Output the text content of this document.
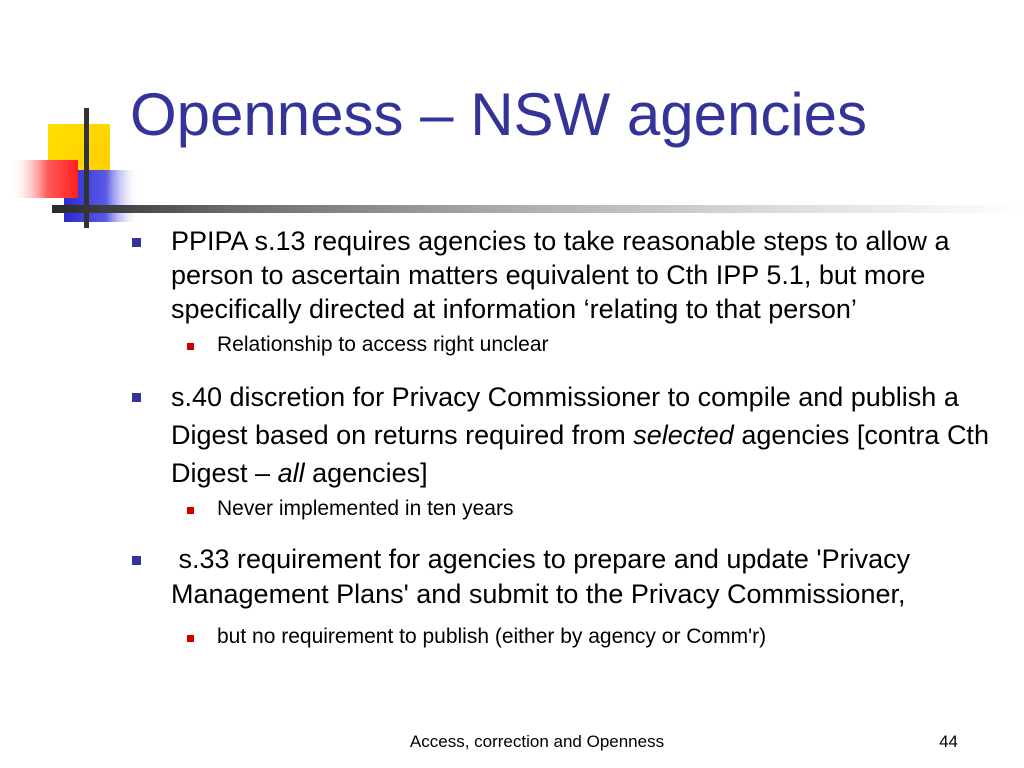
Openness – NSW agencies
PPIPA s.13 requires agencies to take reasonable steps to allow a person to ascertain matters equivalent to Cth IPP 5.1, but more specifically directed at information ‘relating to that person’
Relationship to access right unclear
s.40 discretion for Privacy Commissioner to compile and publish a Digest based on returns required from selected agencies [contra Cth Digest – all agencies]
Never implemented in ten years
s.33 requirement for agencies to prepare and update 'Privacy Management Plans' and submit to the Privacy Commissioner,
but no requirement to publish (either by agency or Comm'r)
Access, correction and Openness	44
